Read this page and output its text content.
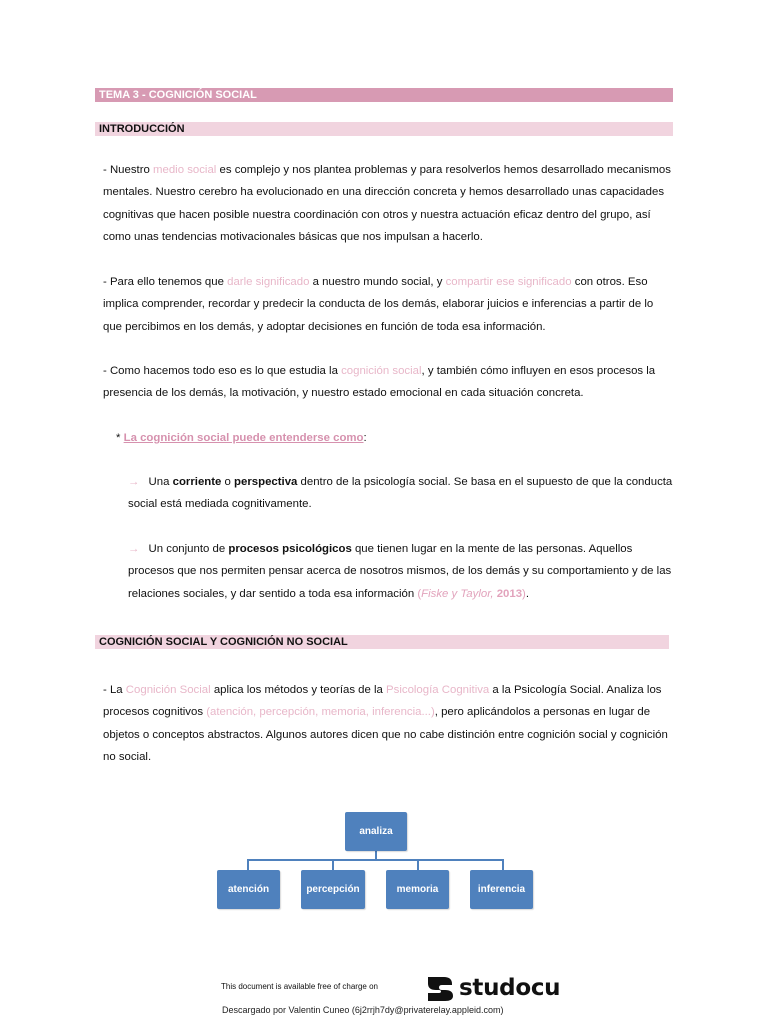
TEMA 3 - COGNICIÓN SOCIAL
INTRODUCCIÓN

- Nuestro medio social es complejo y nos plantea problemas y para resolverlos hemos desarrollado mecanismos mentales. Nuestro cerebro ha evolucionado en una dirección concreta y hemos desarrollado unas capacidades cognitivas que hacen posible nuestra coordinación con otros y nuestra actuación eficaz dentro del grupo, así como unas tendencias motivacionales básicas que nos impulsan a hacerlo.

- Para ello tenemos que darle significado a nuestro mundo social, y compartir ese significado con otros. Eso implica comprender, recordar y predecir la conducta de los demás, elaborar juicios e inferencias a partir de lo que percibimos en los demás, y adoptar decisiones en función de toda esa información.

- Como hacemos todo eso es lo que estudia la cognición social, y también cómo influyen en esos procesos la presencia de los demás, la motivación, y nuestro estado emocional en cada situación concreta.

* La cognición social puede entenderse como:

→ Una corriente o perspectiva dentro de la psicología social. Se basa en el supuesto de que la conducta social está mediada cognitivamente.

→ Un conjunto de procesos psicológicos que tienen lugar en la mente de las personas. Aquellos procesos que nos permiten pensar acerca de nosotros mismos, de los demás y su comportamiento y de las relaciones sociales, y dar sentido a toda esa información (Fiske y Taylor, 2013).

COGNICIÓN SOCIAL Y COGNICIÓN NO SOCIAL

- La Cognición Social aplica los métodos y teorías de la Psicología Cognitiva a la Psicología Social. Analiza los procesos cognitivos (atención, percepción, memoria, inferencia...), pero aplicándolos a personas en lugar de objetos o conceptos abstractos. Algunos autores dicen que no cabe distinción entre cognición social y cognición no social.

analiza
atención	percepción	memoria	inferencia
This document is available free of charge on	studocu
Descargado por Valentin Cuneo (6j2rrjh7dy@privaterelay.appleid.com)
